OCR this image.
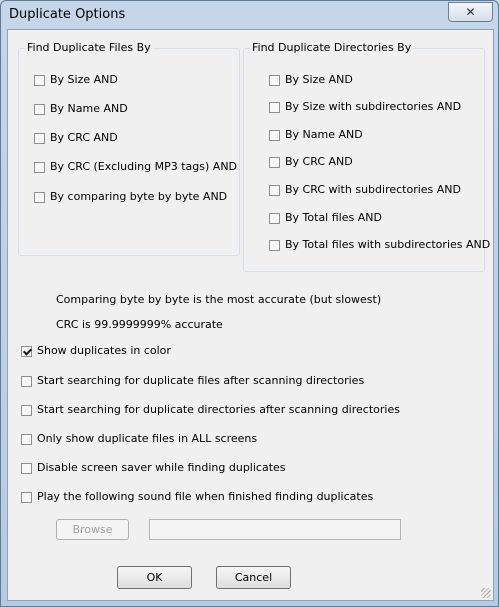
Duplicate Options	✕
Find Duplicate Files By
By Size AND
By Name AND
By CRC AND
By CRC (Excluding MP3 tags) AND
By comparing byte by byte AND
Find Duplicate Directories By
By Size AND
By Size with subdirectories AND
By Name AND
By CRC AND
By CRC with subdirectories AND
By Total files AND
By Total files with subdirectories AND
Comparing byte by byte is the most accurate (but slowest)
CRC is 99.9999999% accurate
Show duplicates in color
Start searching for duplicate files after scanning directories
Start searching for duplicate directories after scanning directories
Only show duplicate files in ALL screens
Disable screen saver while finding duplicates
Play the following sound file when finished finding duplicates
Browse
OK	Cancel
